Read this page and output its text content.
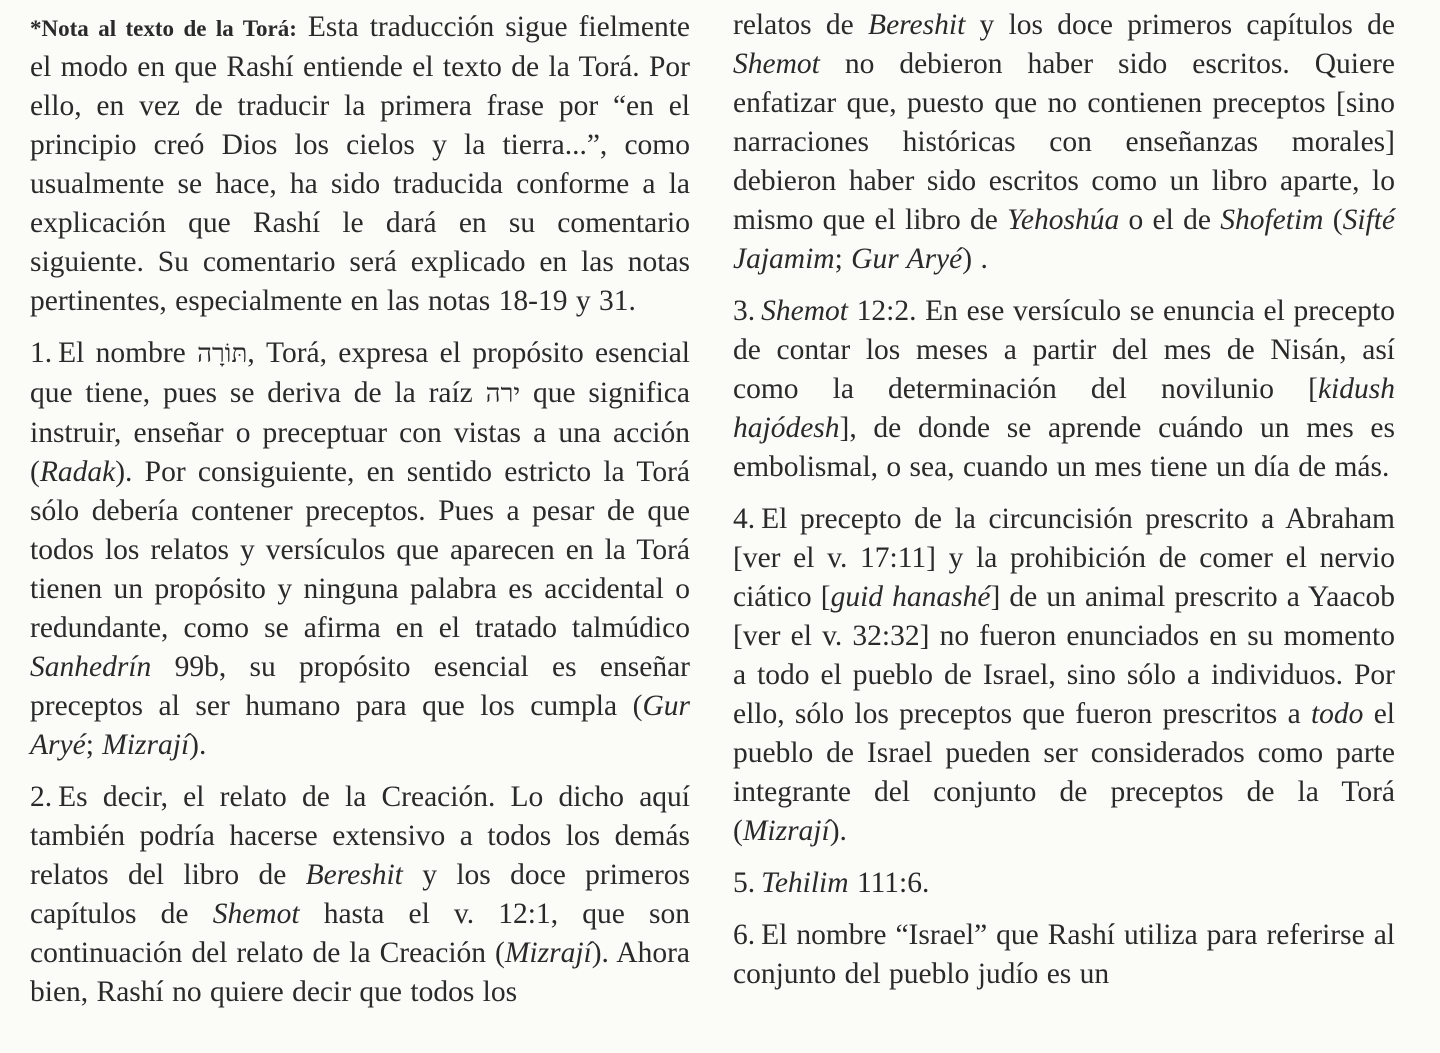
*Nota al texto de la Torá: Esta traducción sigue fielmente el modo en que Rashí entiende el texto de la Torá. Por ello, en vez de traducir la primera frase por “en el principio creó Dios los cielos y la tierra...”, como usualmente se hace, ha sido traducida conforme a la explicación que Rashí le dará en su comentario siguiente. Su comentario será explicado en las notas pertinentes, especialmente en las notas 18-19 y 31.

1. El nombre תּוֹרָה, Torá, expresa el propósito esencial que tiene, pues se deriva de la raíz ירה que significa instruir, enseñar o preceptuar con vistas a una acción (Radak). Por consiguiente, en sentido estricto la Torá sólo debería contener preceptos. Pues a pesar de que todos los relatos y versículos que aparecen en la Torá tienen un propósito y ninguna palabra es accidental o redundante, como se afirma en el tratado talmúdico Sanhedrín 99b, su propósito esencial es enseñar preceptos al ser humano para que los cumpla (Gur Aryé; Mizrají).

2. Es decir, el relato de la Creación. Lo dicho aquí también podría hacerse extensivo a todos los demás relatos del libro de Bereshit y los doce primeros capítulos de Shemot hasta el v. 12:1, que son continuación del relato de la Creación (Mizrají). Ahora bien, Rashí no quiere decir que todos los

relatos de Bereshit y los doce primeros capítulos de Shemot no debieron haber sido escritos. Quiere enfatizar que, puesto que no contienen preceptos [sino narraciones históricas con enseñanzas morales] debieron haber sido escritos como un libro aparte, lo mismo que el libro de Yehoshúa o el de Shofetim (Sifté Jajamim; Gur Aryé) .

3. Shemot 12:2. En ese versículo se enuncia el precepto de contar los meses a partir del mes de Nisán, así como la determinación del novilunio [kidush hajódesh], de donde se aprende cuándo un mes es embolismal, o sea, cuando un mes tiene un día de más.

4. El precepto de la circuncisión prescrito a Abraham [ver el v. 17:11] y la prohibición de comer el nervio ciático [guid hanashé] de un animal prescrito a Yaacob [ver el v. 32:32] no fueron enunciados en su momento a todo el pueblo de Israel, sino sólo a individuos. Por ello, sólo los preceptos que fueron prescritos a todo el pueblo de Israel pueden ser considerados como parte integrante del conjunto de preceptos de la Torá (Mizrají).

5. Tehilim 111:6.

6. El nombre “Israel” que Rashí utiliza para referirse al conjunto del pueblo judío es un
